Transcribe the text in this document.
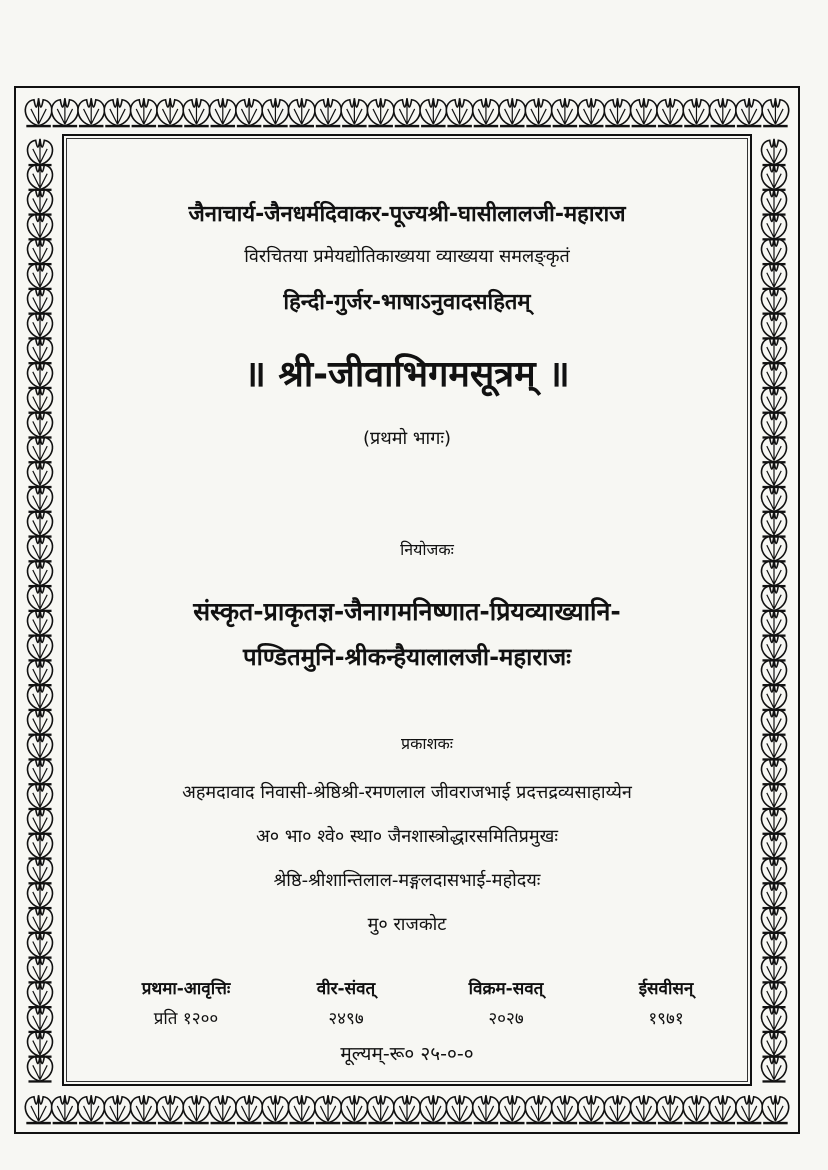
जैनाचार्य-जैनधर्मदिवाकर-पूज्यश्री-घासीलालजी-महाराज
विरचितया प्रमेयद्योतिकाख्यया व्याख्यया समलङ्कृतं
हिन्दी-गुर्जर-भाषाऽनुवादसहितम्
॥ श्री-जीवाभिगमसूत्रम् ॥
(प्रथमो भागः)
नियोजकः
संस्कृत-प्राकृतज्ञ-जैनागमनिष्णात-प्रियव्याख्यानि-
पण्डितमुनि-श्रीकन्हैयालालजी-महाराजः
प्रकाशकः
अहमदावाद निवासी-श्रेष्ठिश्री-रमणलाल जीवराजभाई प्रदत्तद्रव्यसाहाय्येन
अ० भा० श्वे० स्था० जैनशास्त्रोद्धारसमितिप्रमुखः
श्रेष्ठि-श्रीशान्तिलाल-मङ्गलदासभाई-महोदयः
मु० राजकोट
प्रथमा-आवृत्तिः
प्रति १२००
वीर-संवत्
२४९७
विक्रम-सवत्
२०२७
ईसवीसन्
१९७१
मूल्यम्-रू० २५-०-०
